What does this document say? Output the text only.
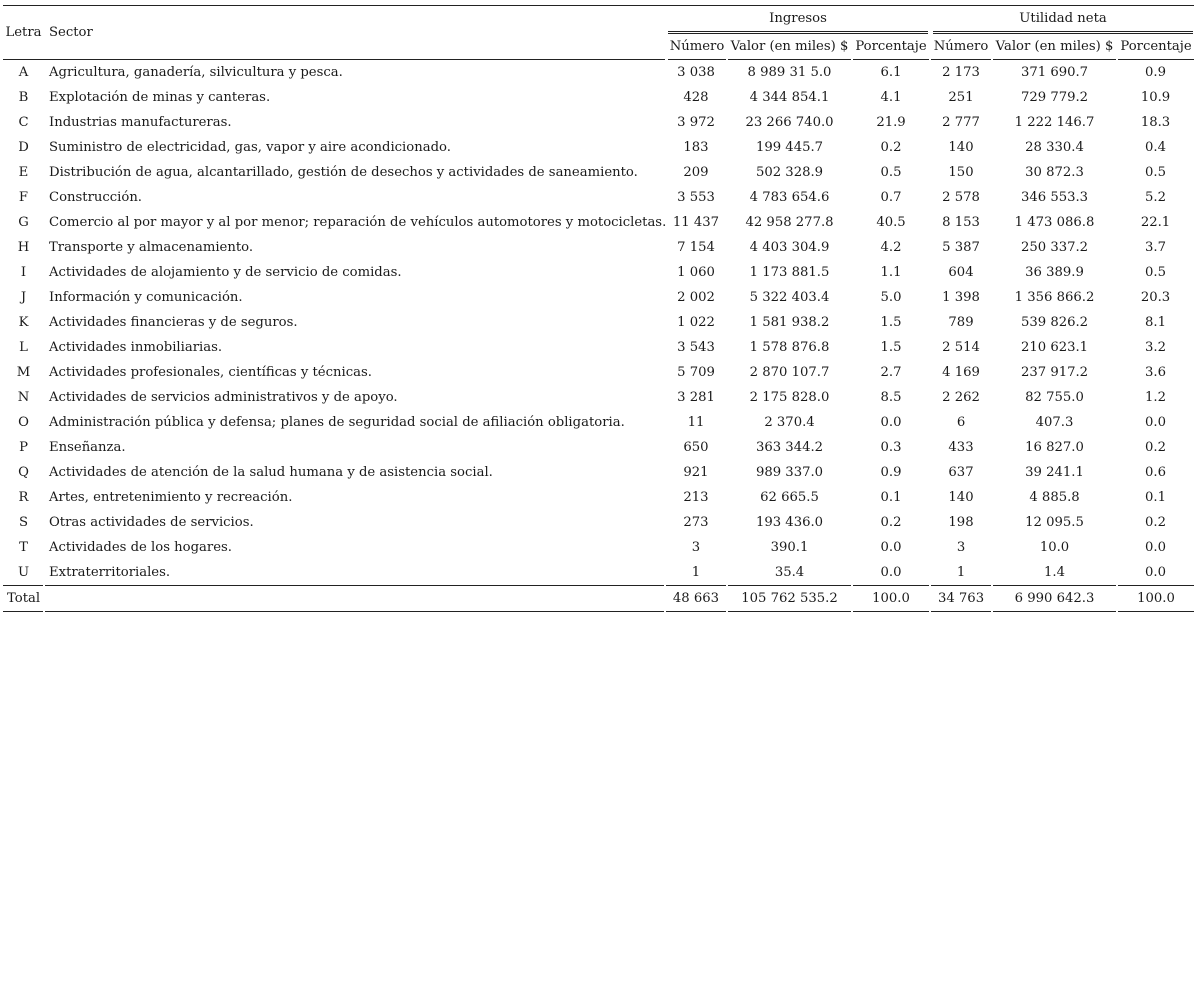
Letra	Sector	Ingresos			Utilidad neta		

		Número	Valor (en miles) $	Porcentaje	Número	Valor (en miles) $	Porcentaje

A	Agricultura, ganadería, silvicultura y pesca.	3 038	8 989 31 5.0	6.1	2 173	371 690.7	0.9
B	Explotación de minas y canteras.	428	4 344 854.1	4.1	251	729 779.2	10.9
C	Industrias manufactureras.	3 972	23 266 740.0	21.9	2 777	1 222 146.7	18.3
D	Suministro de electricidad, gas, vapor y aire acondicionado.	183	199 445.7	0.2	140	28 330.4	0.4
E	Distribución de agua, alcantarillado, gestión de desechos y actividades de saneamiento.	209	502 328.9	0.5	150	30 872.3	0.5
F	Construcción.	3 553	4 783 654.6	0.7	2 578	346 553.3	5.2
G	Comercio al por mayor y al por menor; reparación de vehículos automotores y motocicletas.	11 437	42 958 277.8	40.5	8 153	1 473 086.8	22.1
H	Transporte y almacenamiento.	7 154	4 403 304.9	4.2	5 387	250 337.2	3.7
I	Actividades de alojamiento y de servicio de comidas.	1 060	1 173 881.5	1.1	604	36 389.9	0.5
J	Información y comunicación.	2 002	5 322 403.4	5.0	1 398	1 356 866.2	20.3
K	Actividades financieras y de seguros.	1 022	1 581 938.2	1.5	789	539 826.2	8.1
L	Actividades inmobiliarias.	3 543	1 578 876.8	1.5	2 514	210 623.1	3.2
M	Actividades profesionales, científicas y técnicas.	5 709	2 870 107.7	2.7	4 169	237 917.2	3.6
N	Actividades de servicios administrativos y de apoyo.	3 281	2 175 828.0	8.5	2 262	82 755.0	1.2
O	Administración pública y defensa; planes de seguridad social de afiliación obligatoria.	11	2 370.4	0.0	6	407.3	0.0
P	Enseñanza.	650	363 344.2	0.3	433	16 827.0	0.2
Q	Actividades de atención de la salud humana y de asistencia social.	921	989 337.0	0.9	637	39 241.1	0.6
R	Artes, entretenimiento y recreación.	213	62 665.5	0.1	140	4 885.8	0.1
S	Otras actividades de servicios.	273	193 436.0	0.2	198	12 095.5	0.2
T	Actividades de los hogares.	3	390.1	0.0	3	10.0	0.0
U	Extraterritoriales.	1	35.4	0.0	1	1.4	0.0

Total		48 663	105 762 535.2	100.0	34 763	6 990 642.3	100.0
